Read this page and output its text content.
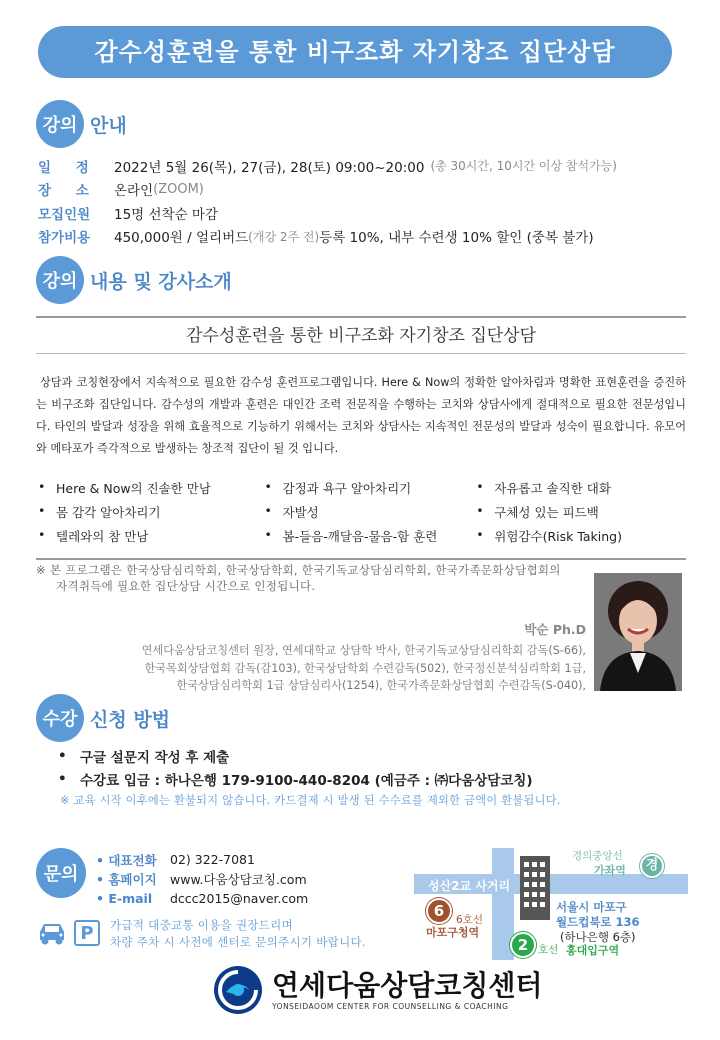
감수성훈련을 통한 비구조화 자기창조 집단상담
강의 안내
일 정	2022년 5월 26(목), 27(금), 28(토) 09:00~20:00 (총 30시간, 10시간 이상 참석가능)
장 소	온라인 (ZOOM)
모집인원	15명 선착순 마감
참가비용	450,000원 / 얼리버드 (개강 2주 전) 등록 10%, 내부 수련생 10% 할인 (중복 불가)
강의 내용 및 강사소개
감수성훈련을 통한 비구조화 자기창조 집단상담
상담과 코칭현장에서 지속적으로 필요한 감수성 훈련프로그램입니다. Here & Now의 정확한 알아차림과 명확한 표현훈련을 증진하는 비구조화 집단입니다. 감수성의 개발과 훈련은 대인간 조력 전문직을 수행하는 코치와 상담사에게 절대적으로 필요한 전문성입니다. 타인의 발달과 성장을 위해 효율적으로 기능하기 위해서는 코치와 상담사는 지속적인 전문성의 발달과 성숙이 필요합니다. 유모어와 메타포가 즉각적으로 발생하는 창조적 집단이 될 것 입니다.
• Here & Now의 진솔한 만남	• 감정과 욕구 알아차리기	• 자유롭고 솔직한 대화
• 몸 감각 알아차리기	• 자발성	• 구체성 있는 피드백
• 텔레와의 참 만남	• 봄-들음-깨달음-물음-함 훈련	• 위험감수(Risk Taking)
※ 본 프로그램은 한국상담심리학회, 한국상담학회, 한국기독교상담심리학회, 한국가족문화상담협회의
자격취득에 필요한 집단상담 시간으로 인정됩니다.
박순 Ph.D
연세다움상담코칭센터 원장, 연세대학교 상담학 박사, 한국기독교상담심리학회 감독(S-66),
한국목회상담협회 감독(감103), 한국상담학회 수련감독(502), 한국정신분석심리학회 1급,
한국상담심리학회 1급 상담심리사(1254), 한국가족문화상담협회 수련감독(S-040),
수강 신청 방법
• 구글 설문지 작성 후 제출
• 수강료 입금 : 하나은행 179-9100-440-8204 (예금주 : ㈜다움상담코칭)
※ 교육 시작 이후에는 환불되지 않습니다. 카드결제 시 발생 된 수수료를 제외한 금액이 환불됩니다.
문의
• 대표전화	02) 322-7081
• 홈페이지	www.다움상담코칭.com
• E-mail	dccc2015@naver.com
P 가급적 대중교통 이용을 권장드리며
차량 주차 시 사전에 센터로 문의주시기 바랍니다.
성산2교 사거리
6	6호선
마포구청역
2 호선 홍대입구역
경의중앙선
가좌역	경
서울시 마포구
월드컵북로 136
(하나은행 6층)
연세다움상담코칭센터
YONSEIDAOOM CENTER FOR COUNSELLING & COACHING
